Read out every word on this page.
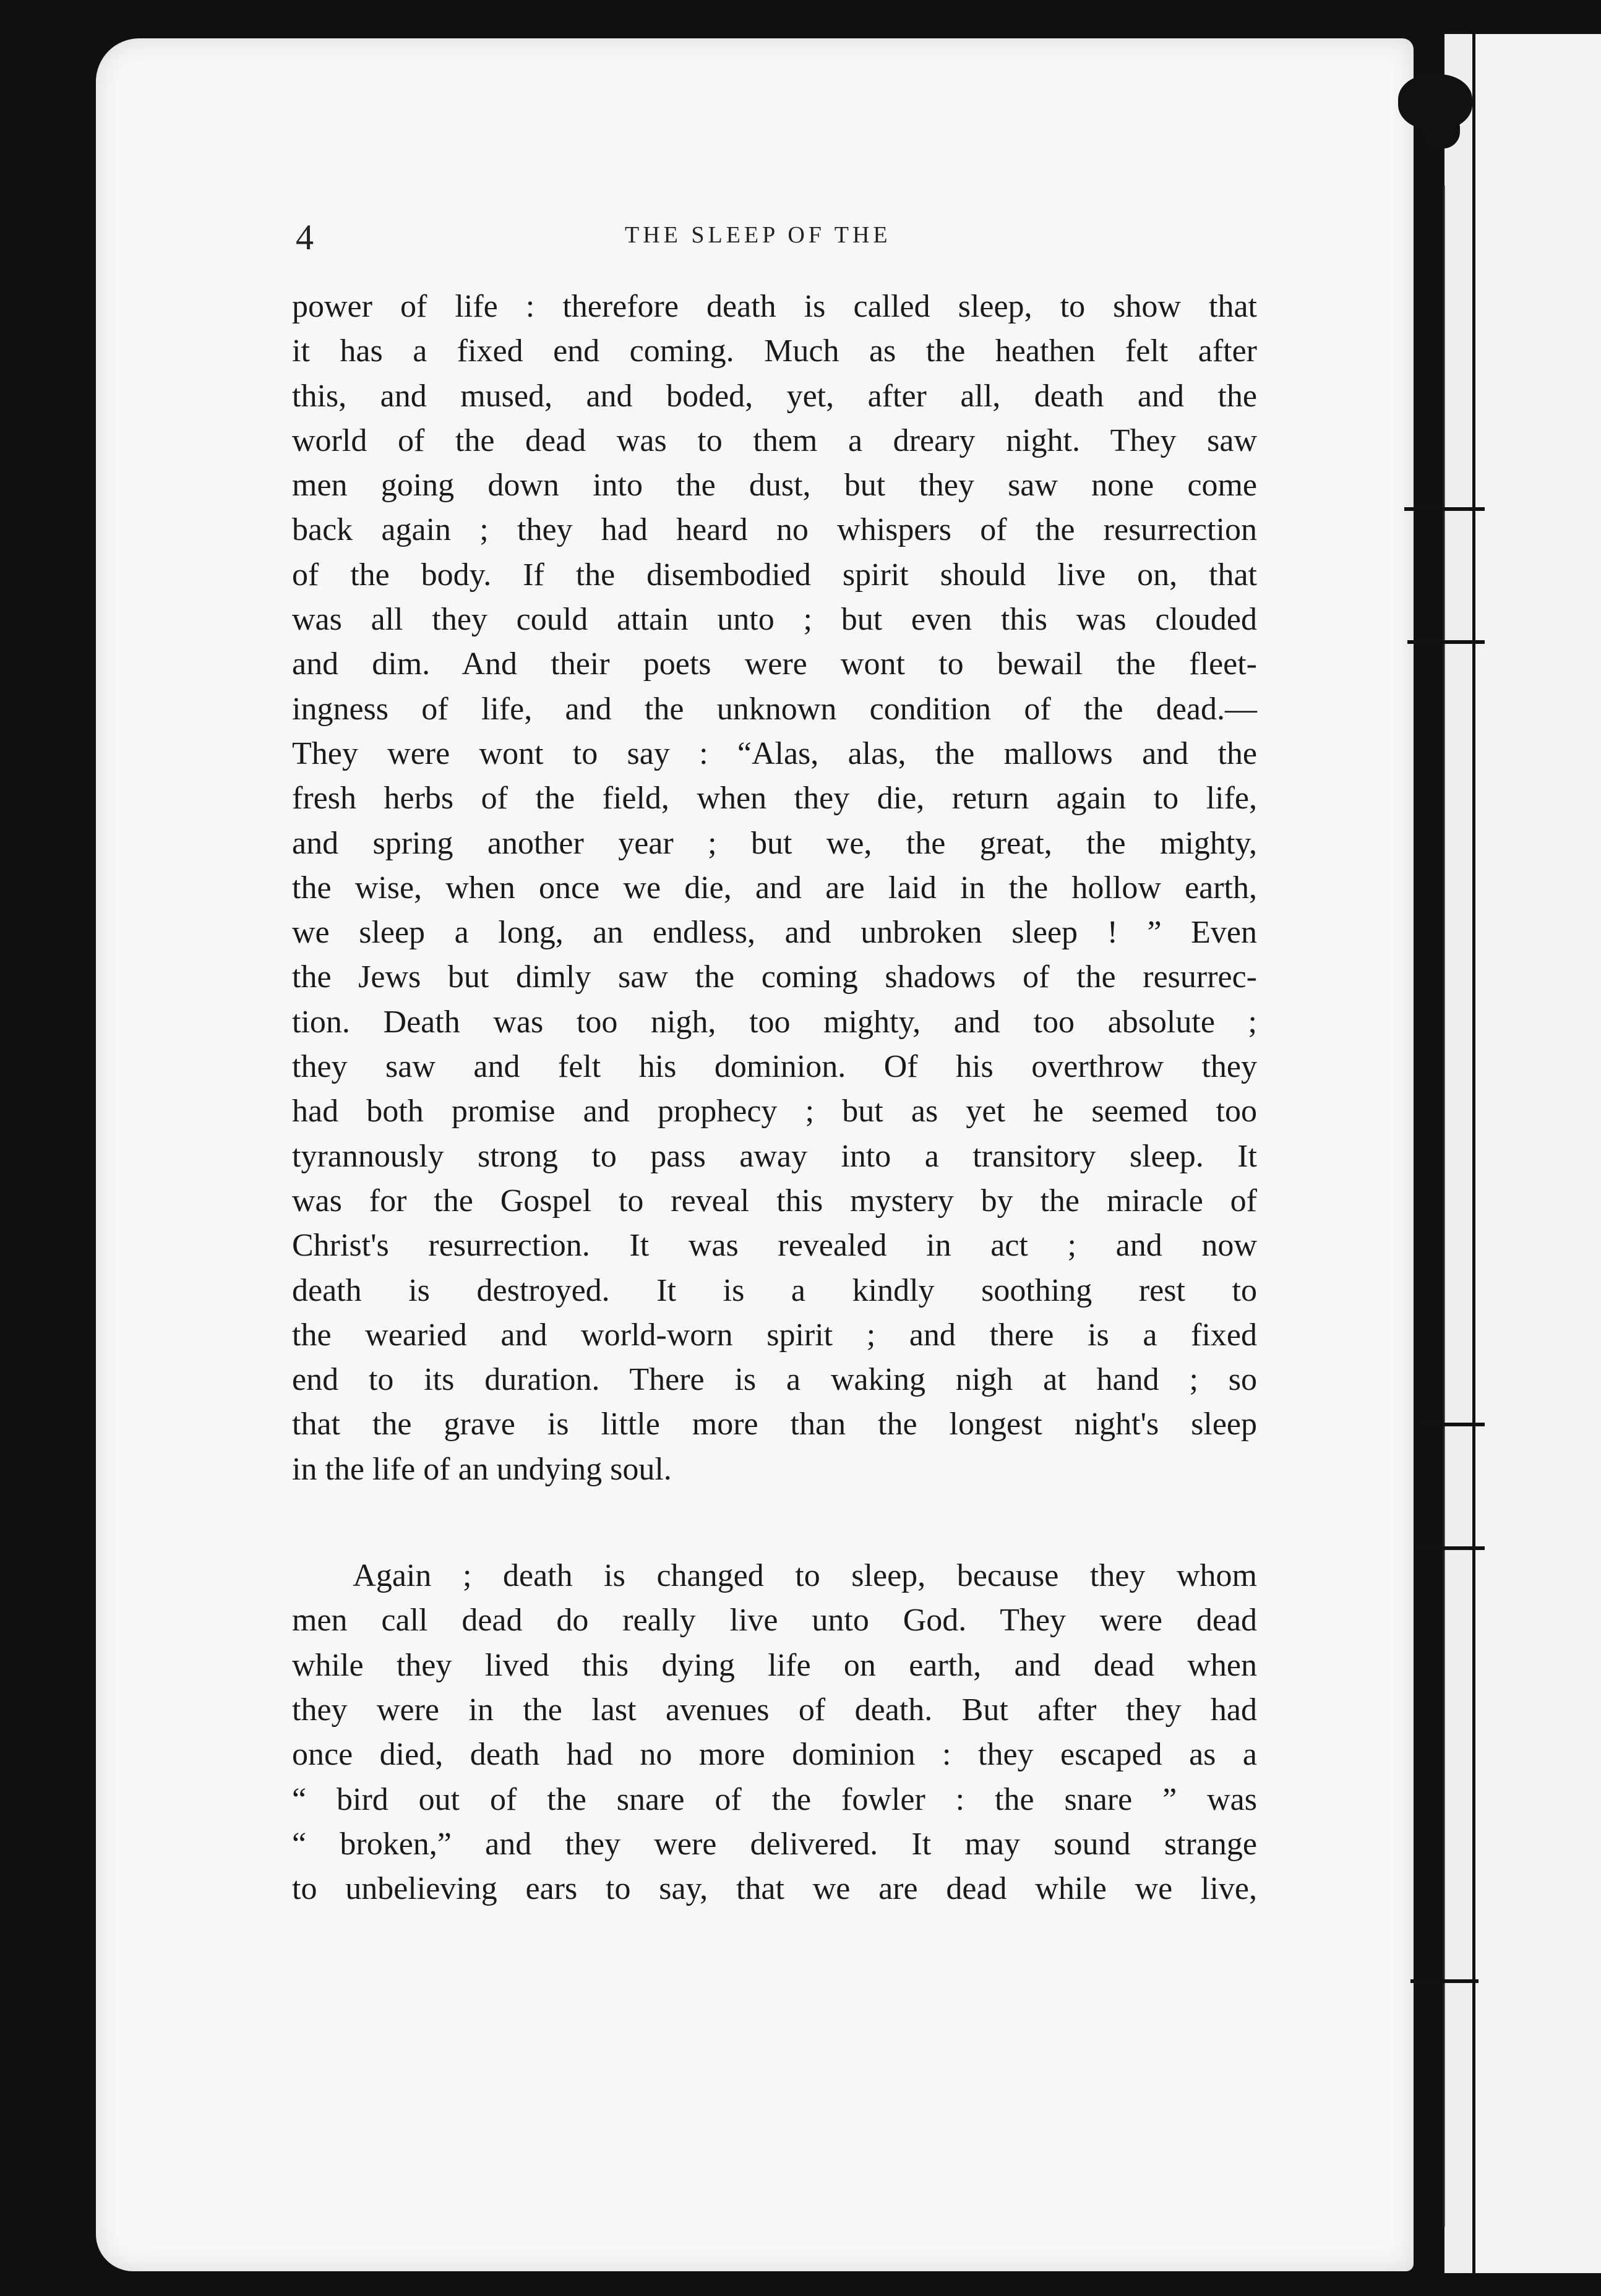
4	THE SLEEP OF THE
power of life : therefore death is called sleep, to show that
it has a fixed end coming. Much as the heathen felt after
this, and mused, and boded, yet, after all, death and the
world of the dead was to them a dreary night. They saw
men going down into the dust, but they saw none come
back again ; they had heard no whispers of the resurrection
of the body. If the disembodied spirit should live on, that
was all they could attain unto ; but even this was clouded
and dim. And their poets were wont to bewail the fleet-
ingness of life, and the unknown condition of the dead.—
They were wont to say : “Alas, alas, the mallows and the
fresh herbs of the field, when they die, return again to life,
and spring another year ; but we, the great, the mighty,
the wise, when once we die, and are laid in the hollow earth,
we sleep a long, an endless, and unbroken sleep ! ” Even
the Jews but dimly saw the coming shadows of the resurrec-
tion. Death was too nigh, too mighty, and too absolute ;
they saw and felt his dominion. Of his overthrow they
had both promise and prophecy ; but as yet he seemed too
tyrannously strong to pass away into a transitory sleep. It
was for the Gospel to reveal this mystery by the miracle of
Christ's resurrection. It was revealed in act ; and now
death is destroyed. It is a kindly soothing rest to
the wearied and world-worn spirit ; and there is a fixed
end to its duration. There is a waking nigh at hand ; so
that the grave is little more than the longest night's sleep
in the life of an undying soul.
Again ; death is changed to sleep, because they whom
men call dead do really live unto God. They were dead
while they lived this dying life on earth, and dead when
they were in the last avenues of death. But after they had
once died, death had no more dominion : they escaped as a
“ bird out of the snare of the fowler : the snare ” was
“ broken,” and they were delivered. It may sound strange
to unbelieving ears to say, that we are dead while we live,
